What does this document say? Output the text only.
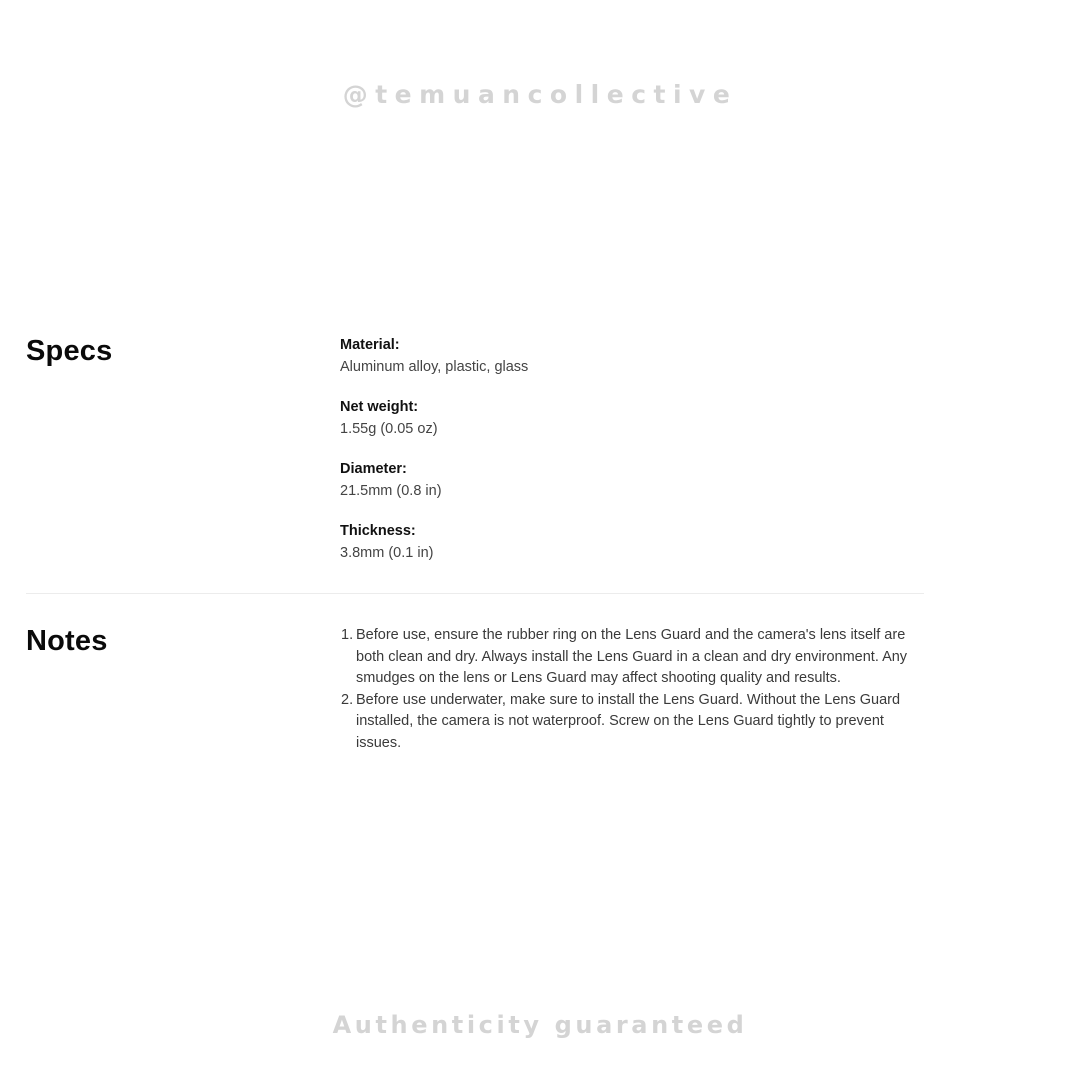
@temuancollective
Specs	Material:
Aluminum alloy, plastic, glass
Net weight:
1.55g (0.05 oz)
Diameter:
21.5mm (0.8 in)
Thickness:
3.8mm (0.1 in)
Notes	1. Before use, ensure the rubber ring on the Lens Guard and the camera's lens itself are both clean and dry. Always install the Lens Guard in a clean and dry environment. Any smudges on the lens or Lens Guard may affect shooting quality and results.
2. Before use underwater, make sure to install the Lens Guard. Without the Lens Guard installed, the camera is not waterproof. Screw on the Lens Guard tightly to prevent issues.
Authenticity guaranteed
